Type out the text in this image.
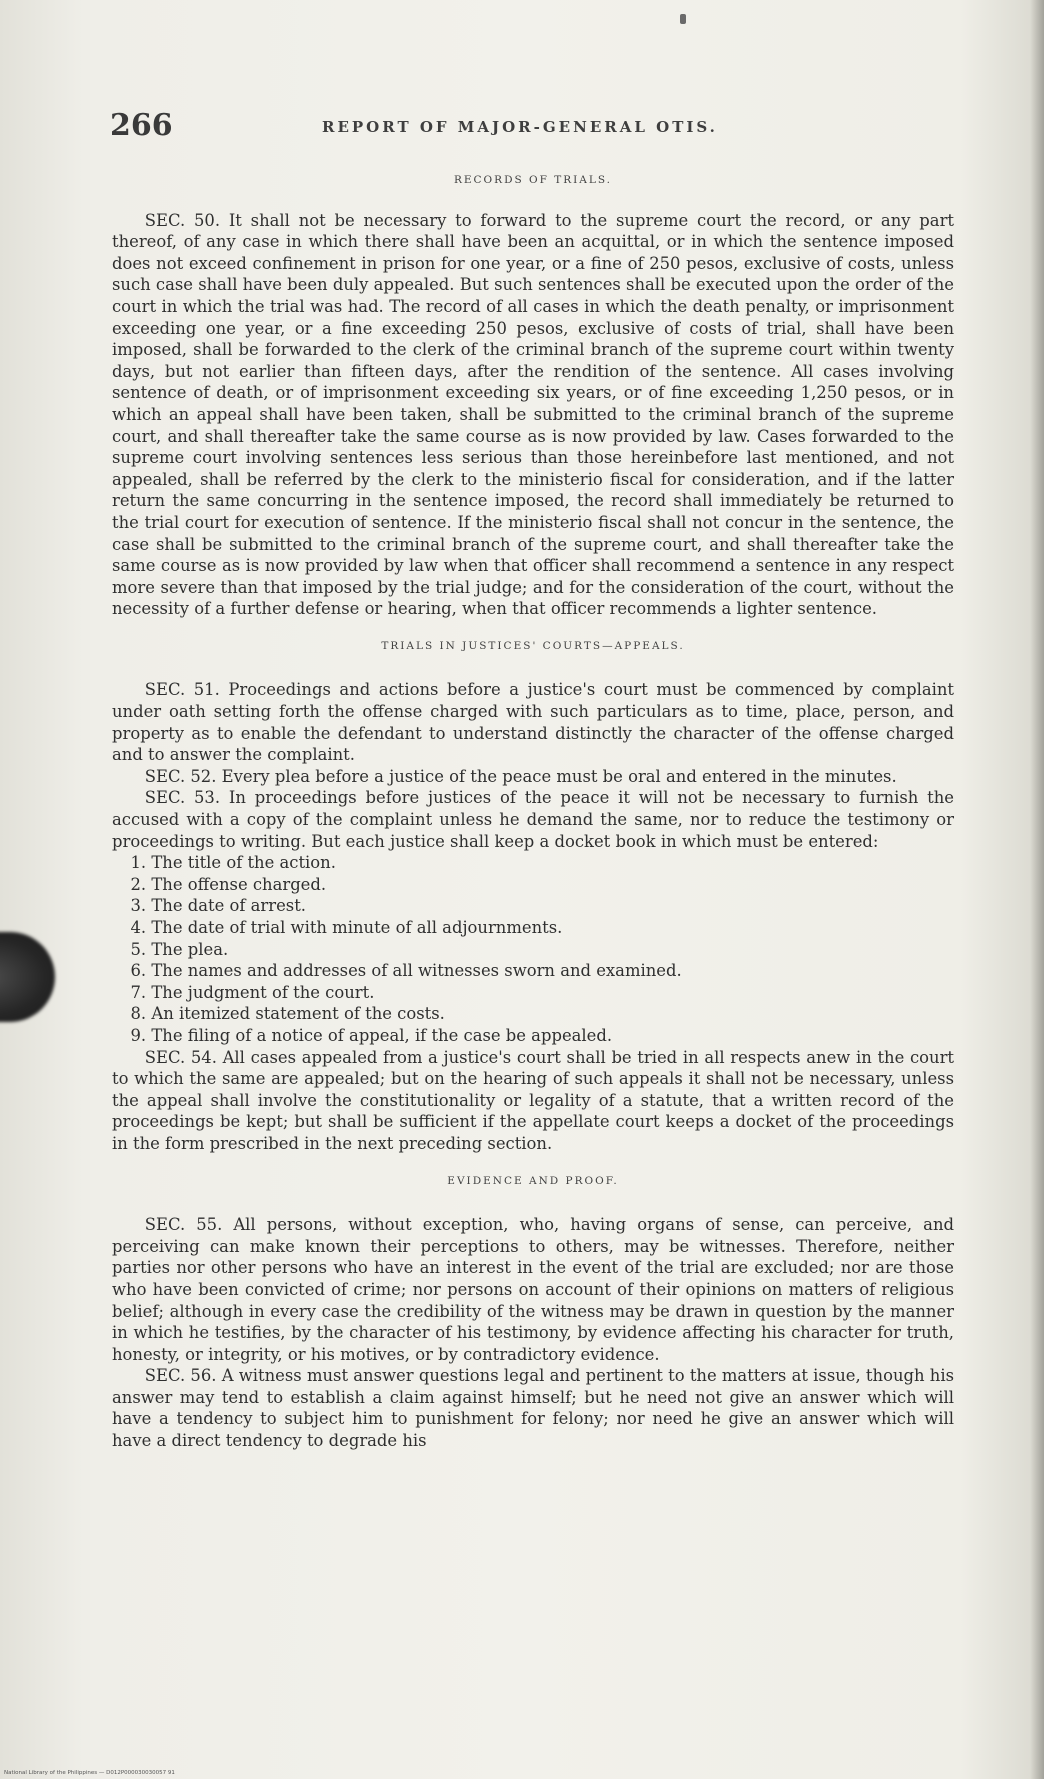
266	REPORT OF MAJOR-GENERAL OTIS.
RECORDS OF TRIALS.

SEC. 50. It shall not be necessary to forward to the supreme court the record, or any part thereof, of any case in which there shall have been an acquittal, or in which the sentence imposed does not exceed confinement in prison for one year, or a fine of 250 pesos, exclusive of costs, unless such case shall have been duly appealed. But such sentences shall be executed upon the order of the court in which the trial was had. The record of all cases in which the death penalty, or imprisonment exceeding one year, or a fine exceeding 250 pesos, exclusive of costs of trial, shall have been imposed, shall be forwarded to the clerk of the criminal branch of the supreme court within twenty days, but not earlier than fifteen days, after the rendition of the sentence. All cases involving sentence of death, or of imprisonment exceeding six years, or of fine exceeding 1,250 pesos, or in which an appeal shall have been taken, shall be submitted to the criminal branch of the supreme court, and shall thereafter take the same course as is now provided by law. Cases forwarded to the supreme court involving sentences less serious than those hereinbefore last mentioned, and not appealed, shall be referred by the clerk to the ministerio fiscal for consideration, and if the latter return the same concurring in the sentence imposed, the record shall immediately be returned to the trial court for execution of sentence. If the ministerio fiscal shall not concur in the sentence, the case shall be submitted to the criminal branch of the supreme court, and shall thereafter take the same course as is now provided by law when that officer shall recommend a sentence in any respect more severe than that imposed by the trial judge; and for the consideration of the court, without the necessity of a further defense or hearing, when that officer recommends a lighter sentence.

TRIALS IN JUSTICES' COURTS—APPEALS.

SEC. 51. Proceedings and actions before a justice's court must be commenced by complaint under oath setting forth the offense charged with such particulars as to time, place, person, and property as to enable the defendant to understand distinctly the character of the offense charged and to answer the complaint.

SEC. 52. Every plea before a justice of the peace must be oral and entered in the minutes.

SEC. 53. In proceedings before justices of the peace it will not be necessary to furnish the accused with a copy of the complaint unless he demand the same, nor to reduce the testimony or proceedings to writing. But each justice shall keep a docket book in which must be entered:

1. The title of the action.
2. The offense charged.
3. The date of arrest.
4. The date of trial with minute of all adjournments.
5. The plea.
6. The names and addresses of all witnesses sworn and examined.
7. The judgment of the court.
8. An itemized statement of the costs.
9. The filing of a notice of appeal, if the case be appealed.

SEC. 54. All cases appealed from a justice's court shall be tried in all respects anew in the court to which the same are appealed; but on the hearing of such appeals it shall not be necessary, unless the appeal shall involve the constitutionality or legality of a statute, that a written record of the proceedings be kept; but shall be sufficient if the appellate court keeps a docket of the proceedings in the form prescribed in the next preceding section.

EVIDENCE AND PROOF.

SEC. 55. All persons, without exception, who, having organs of sense, can perceive, and perceiving can make known their perceptions to others, may be witnesses. Therefore, neither parties nor other persons who have an interest in the event of the trial are excluded; nor are those who have been convicted of crime; nor persons on account of their opinions on matters of religious belief; although in every case the credibility of the witness may be drawn in question by the manner in which he testifies, by the character of his testimony, by evidence affecting his character for truth, honesty, or integrity, or his motives, or by contradictory evidence.

SEC. 56. A witness must answer questions legal and pertinent to the matters at issue, though his answer may tend to establish a claim against himself; but he need not give an answer which will have a tendency to subject him to punishment for felony; nor need he give an answer which will have a direct tendency to degrade his

National Library of the Philippines — D012P000030030057 91
